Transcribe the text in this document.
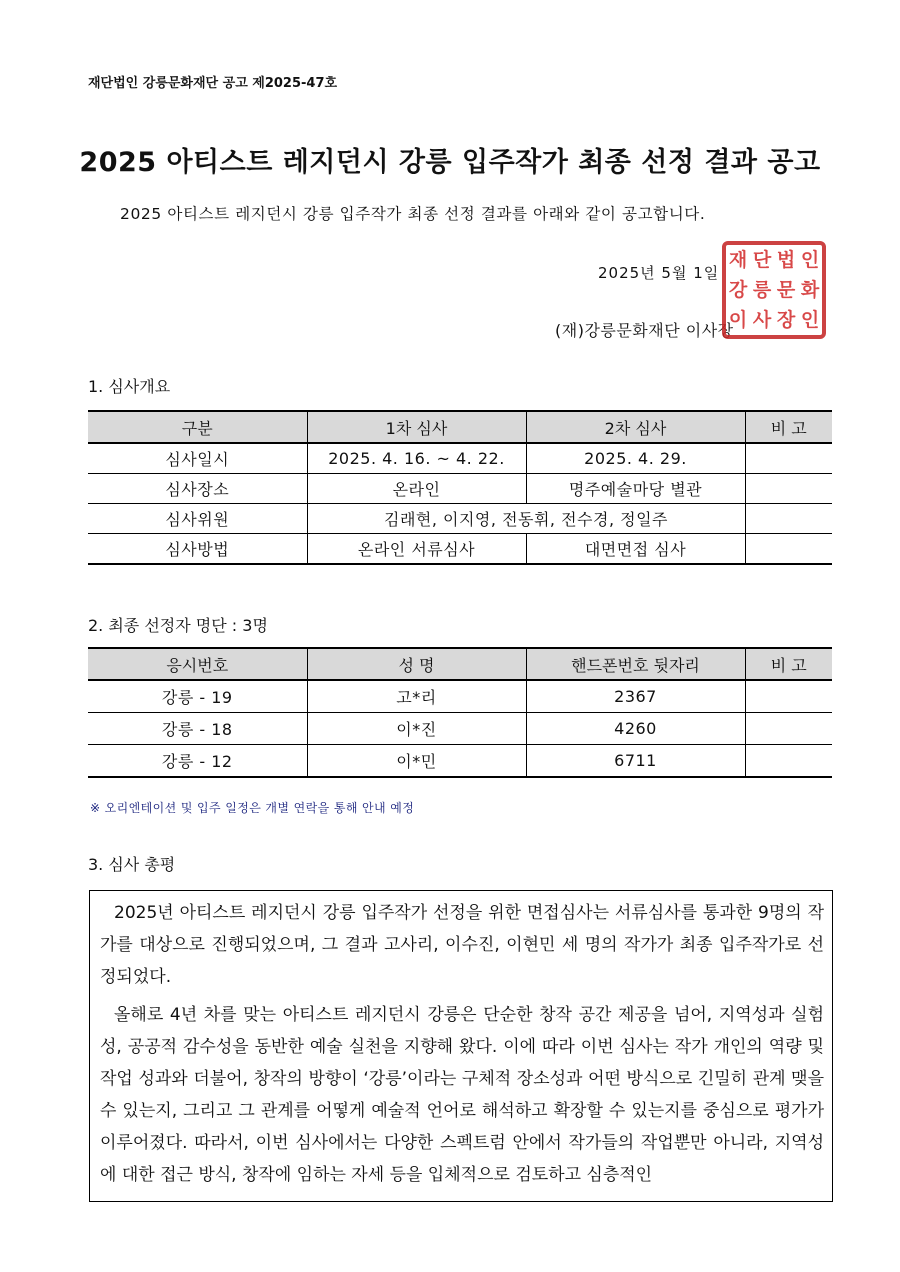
재단법인 강릉문화재단 공고 제2025-47호
2025 아티스트 레지던시 강릉 입주작가 최종 선정 결과 공고
2025 아티스트 레지던시 강릉 입주작가 최종 선정 결과를 아래와 같이 공고합니다.
2025년 5월 1일
(재)강릉문화재단 이사장
재 단 법 인
강 릉 문 화
이 사 장 인
1. 심사개요
구분	1차 심사	2차 심사	비 고
심사일시	2025. 4. 16. ~ 4. 22.	2025. 4. 29.	
심사장소	온라인	명주예술마당 별관	
심사위원	김래현, 이지영, 전동휘, 전수경, 정일주		
심사방법	온라인 서류심사	대면면접 심사	
2. 최종 선정자 명단 : 3명
응시번호	성 명	핸드폰번호 뒷자리	비 고
강릉 - 19	고*리	2367	
강릉 - 18	이*진	4260	
강릉 - 12	이*민	6711	
※ 오리엔테이션 및 입주 일정은 개별 연락을 통해 안내 예정
3. 심사 총평

2025년 아티스트 레지던시 강릉 입주작가 선정을 위한 면접심사는 서류심사를 통과한 9명의 작가를 대상으로 진행되었으며, 그 결과 고사리, 이수진, 이현민 세 명의 작가가 최종 입주작가로 선정되었다.

올해로 4년 차를 맞는 아티스트 레지던시 강릉은 단순한 창작 공간 제공을 넘어, 지역성과 실험성, 공공적 감수성을 동반한 예술 실천을 지향해 왔다. 이에 따라 이번 심사는 작가 개인의 역량 및 작업 성과와 더불어, 창작의 방향이 ‘강릉’이라는 구체적 장소성과 어떤 방식으로 긴밀히 관계 맺을 수 있는지, 그리고 그 관계를 어떻게 예술적 언어로 해석하고 확장할 수 있는지를 중심으로 평가가 이루어졌다. 따라서, 이번 심사에서는 다양한 스펙트럼 안에서 작가들의 작업뿐만 아니라, 지역성에 대한 접근 방식, 창작에 임하는 자세 등을 입체적으로 검토하고 심층적인
